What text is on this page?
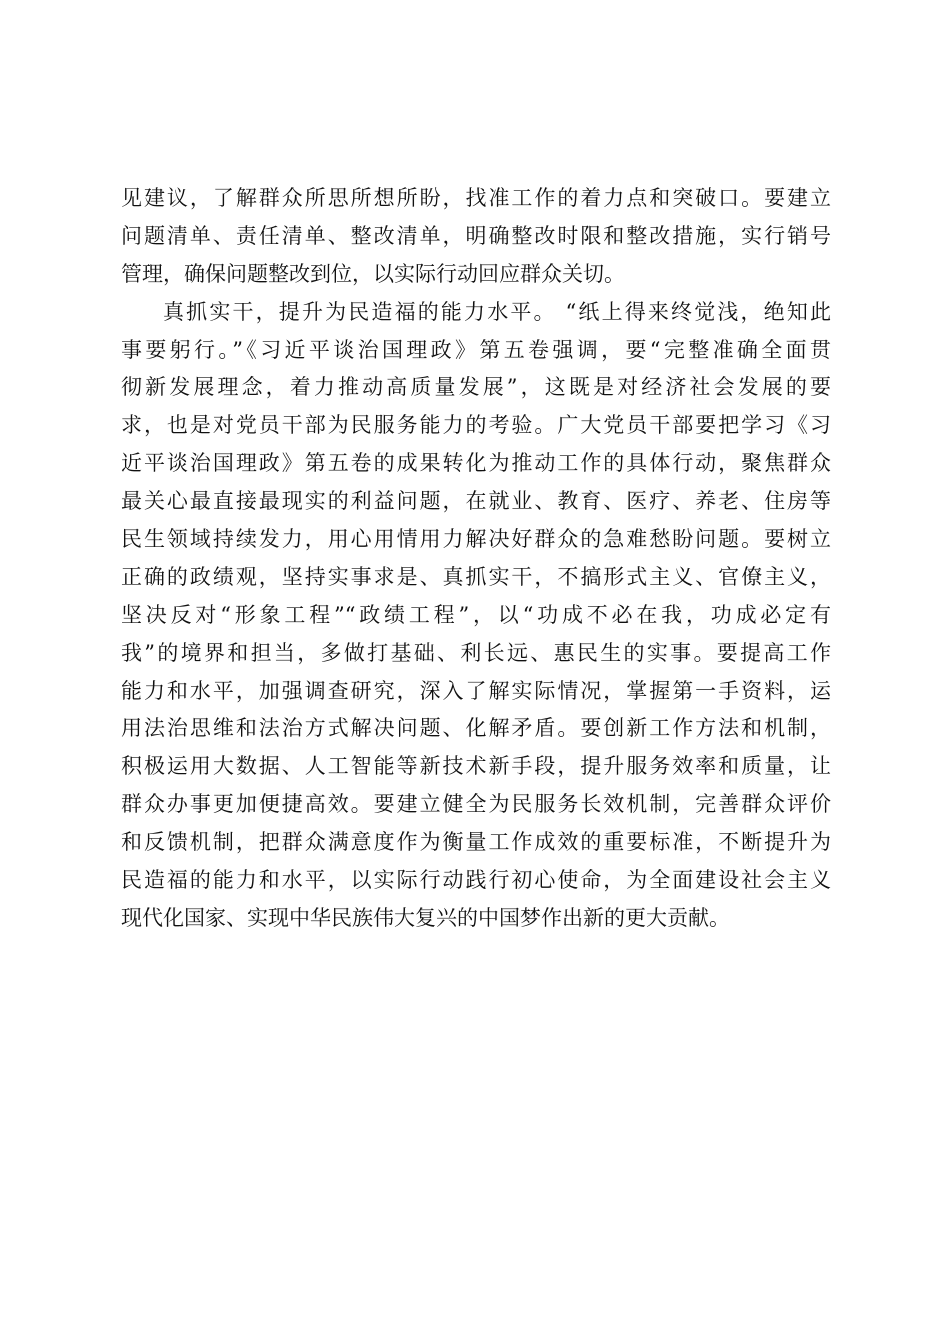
见建议，了解群众所思所想所盼，找准工作的着力点和突破口。要建立
问题清单、责任清单、整改清单，明确整改时限和整改措施，实行销号
管理，确保问题整改到位，以实际行动回应群众关切。
真抓实干，提升为民造福的能力水平。 “纸上得来终觉浅，绝知此
事要躬行。”《习近平谈治国理政》第五卷强调，要“完整准确全面贯
彻新发展理念，着力推动高质量发展”，这既是对经济社会发展的要
求，也是对党员干部为民服务能力的考验。广大党员干部要把学习《习
近平谈治国理政》第五卷的成果转化为推动工作的具体行动，聚焦群众
最关心最直接最现实的利益问题，在就业、教育、医疗、养老、住房等
民生领域持续发力，用心用情用力解决好群众的急难愁盼问题。要树立
正确的政绩观，坚持实事求是、真抓实干，不搞形式主义、官僚主义，
坚决反对“形象工程”“政绩工程”，以“功成不必在我，功成必定有
我”的境界和担当，多做打基础、利长远、惠民生的实事。要提高工作
能力和水平，加强调查研究，深入了解实际情况，掌握第一手资料，运
用法治思维和法治方式解决问题、化解矛盾。要创新工作方法和机制，
积极运用大数据、人工智能等新技术新手段，提升服务效率和质量，让
群众办事更加便捷高效。要建立健全为民服务长效机制，完善群众评价
和反馈机制，把群众满意度作为衡量工作成效的重要标准，不断提升为
民造福的能力和水平，以实际行动践行初心使命，为全面建设社会主义
现代化国家、实现中华民族伟大复兴的中国梦作出新的更大贡献。
